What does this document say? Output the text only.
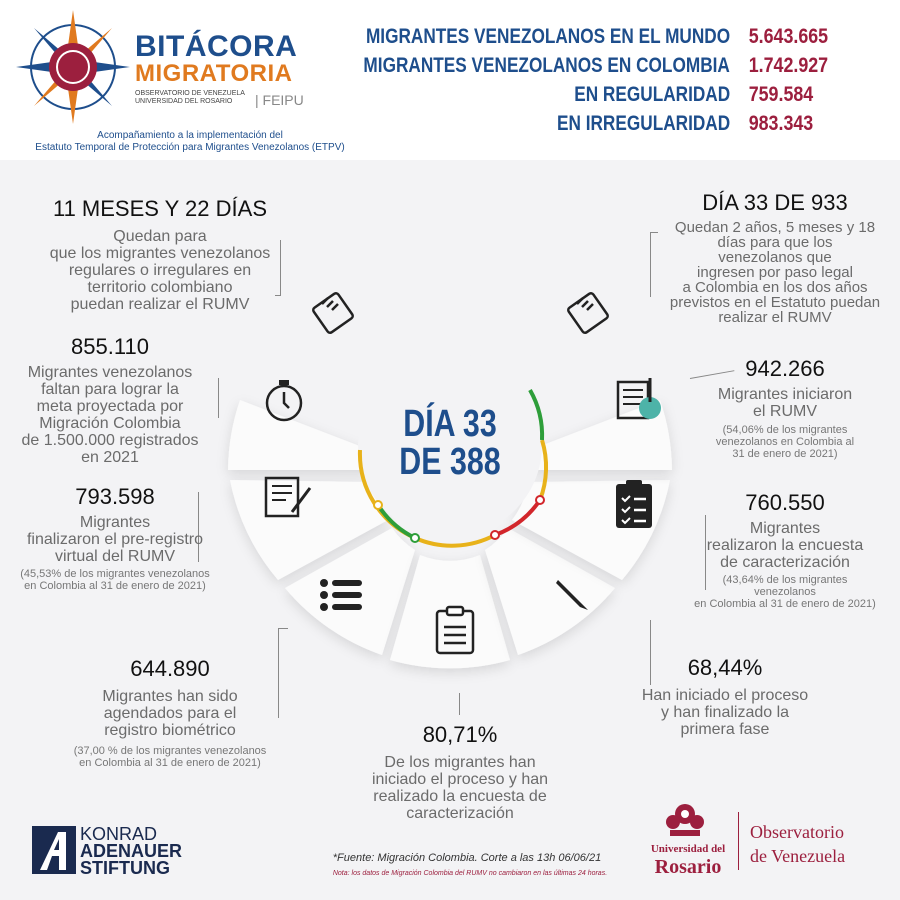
BITÁCORA
MIGRATORIA
OBSERVATORIO DE VENEZUELA
UNIVERSIDAD DEL ROSARIO	| FEIPU
Acompañamiento a la implementación del
Estatuto Temporal de Protección para Migrantes Venezolanos (ETPV)
MIGRANTES VENEZOLANOS EN EL MUNDO 5.643.665
MIGRANTES VENEZOLANOS EN COLOMBIA 1.742.927
EN REGULARIDAD 759.584
EN IRREGULARIDAD 983.343
DÍA 33
DE 388
11 MESES Y 22 DÍAS
Quedan para
que los migrantes venezolanos
regulares o irregulares en
territorio colombiano
puedan realizar el RUMV
DÍA 33 DE 933
Quedan 2 años, 5 meses y 18
días para que los
venezolanos que
ingresen por paso legal
a Colombia en los dos años
previstos en el Estatuto puedan
realizar el RUMV
855.110
Migrantes venezolanos
faltan para lograr la
meta proyectada por
Migración Colombia
de 1.500.000 registrados
en 2021
942.266
Migrantes iniciaron
el RUMV
(54,06% de los migrantes
venezolanos en Colombia al
31 de enero de 2021)
793.598
Migrantes
finalizaron el pre-registro
virtual del RUMV
(45,53% de los migrantes venezolanos
en Colombia al 31 de enero de 2021)
760.550
Migrantes
realizaron la encuesta
de caracterización
(43,64% de los migrantes
venezolanos
en Colombia al 31 de enero de 2021)
644.890
Migrantes han sido
agendados para el
registro biométrico
(37,00 % de los migrantes venezolanos
en Colombia al 31 de enero de 2021)
80,71%
De los migrantes han
iniciado el proceso y han
realizado la encuesta de
caracterización
68,44%
Han iniciado el proceso
y han finalizado la
primera fase
KONRAD
ADENAUER
STIFTUNG	*Fuente: Migración Colombia. Corte a las 13h 06/06/21
Nota: los datos de Migración Colombia del RUMV no cambiaron en las últimas 24 horas.
Universidad del
Rosario
Observatorio
de Venezuela
